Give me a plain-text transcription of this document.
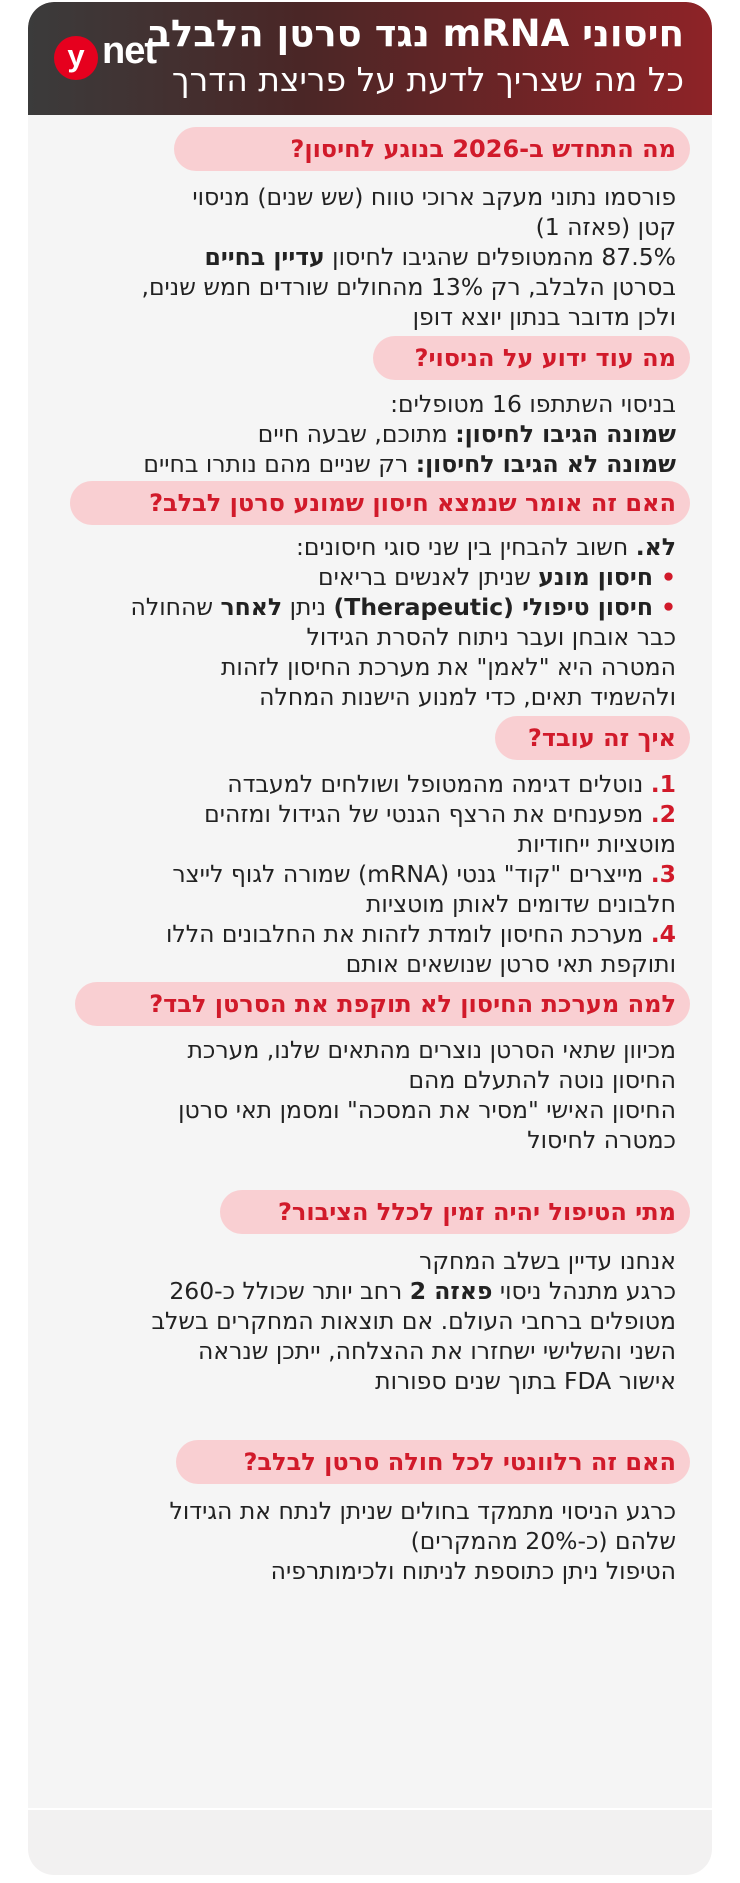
חיסוני mRNA נגד סרטן הלבלב
כל מה שצריך לדעת על פריצת הדרך
y net
מה התחדש ב-2026 בנוגע לחיסון?
פורסמו נתוני מעקב ארוכי טווח (שש שנים) מניסוי
קטן (פאזה 1)
87.5% מהמטופלים שהגיבו לחיסון עדיין בחיים
בסרטן הלבלב, רק 13% מהחולים שורדים חמש שנים,
ולכן מדובר בנתון יוצא דופן
מה עוד ידוע על הניסוי?
בניסוי השתתפו 16 מטופלים:
שמונה הגיבו לחיסון: מתוכם, שבעה חיים
שמונה לא הגיבו לחיסון: רק שניים מהם נותרו בחיים
האם זה אומר שנמצא חיסון שמונע סרטן לבלב?
לא. חשוב להבחין בין שני סוגי חיסונים:
•חיסון מונע שניתן לאנשים בריאים
•חיסון טיפולי (Therapeutic) ניתן לאחר שהחולה
כבר אובחן ועבר ניתוח להסרת הגידול
המטרה היא "לאמן" את מערכת החיסון לזהות
ולהשמיד תאים, כדי למנוע הישנות המחלה
איך זה עובד?
1. נוטלים דגימה מהמטופל ושולחים למעבדה
2. מפענחים את הרצף הגנטי של הגידול ומזהים
מוטציות ייחודיות
3. מייצרים "קוד" גנטי (mRNA) שמורה לגוף לייצר
חלבונים שדומים לאותן מוטציות
4. מערכת החיסון לומדת לזהות את החלבונים הללו
ותוקפת תאי סרטן שנושאים אותם
למה מערכת החיסון לא תוקפת את הסרטן לבד?
מכיוון שתאי הסרטן נוצרים מהתאים שלנו, מערכת
החיסון נוטה להתעלם מהם
החיסון האישי "מסיר את המסכה" ומסמן תאי סרטן
כמטרה לחיסול
מתי הטיפול יהיה זמין לכלל הציבור?
אנחנו עדיין בשלב המחקר
כרגע מתנהל ניסוי פאזה 2 רחב יותר שכולל כ-260
מטופלים ברחבי העולם. אם תוצאות המחקרים בשלב
השני והשלישי ישחזרו את ההצלחה, ייתכן שנראה
אישור FDA בתוך שנים ספורות
האם זה רלוונטי לכל חולה סרטן לבלב?
כרגע הניסוי מתמקד בחולים שניתן לנתח את הגידול
שלהם (כ-20% מהמקרים)
הטיפול ניתן כתוספת לניתוח ולכימותרפיה
